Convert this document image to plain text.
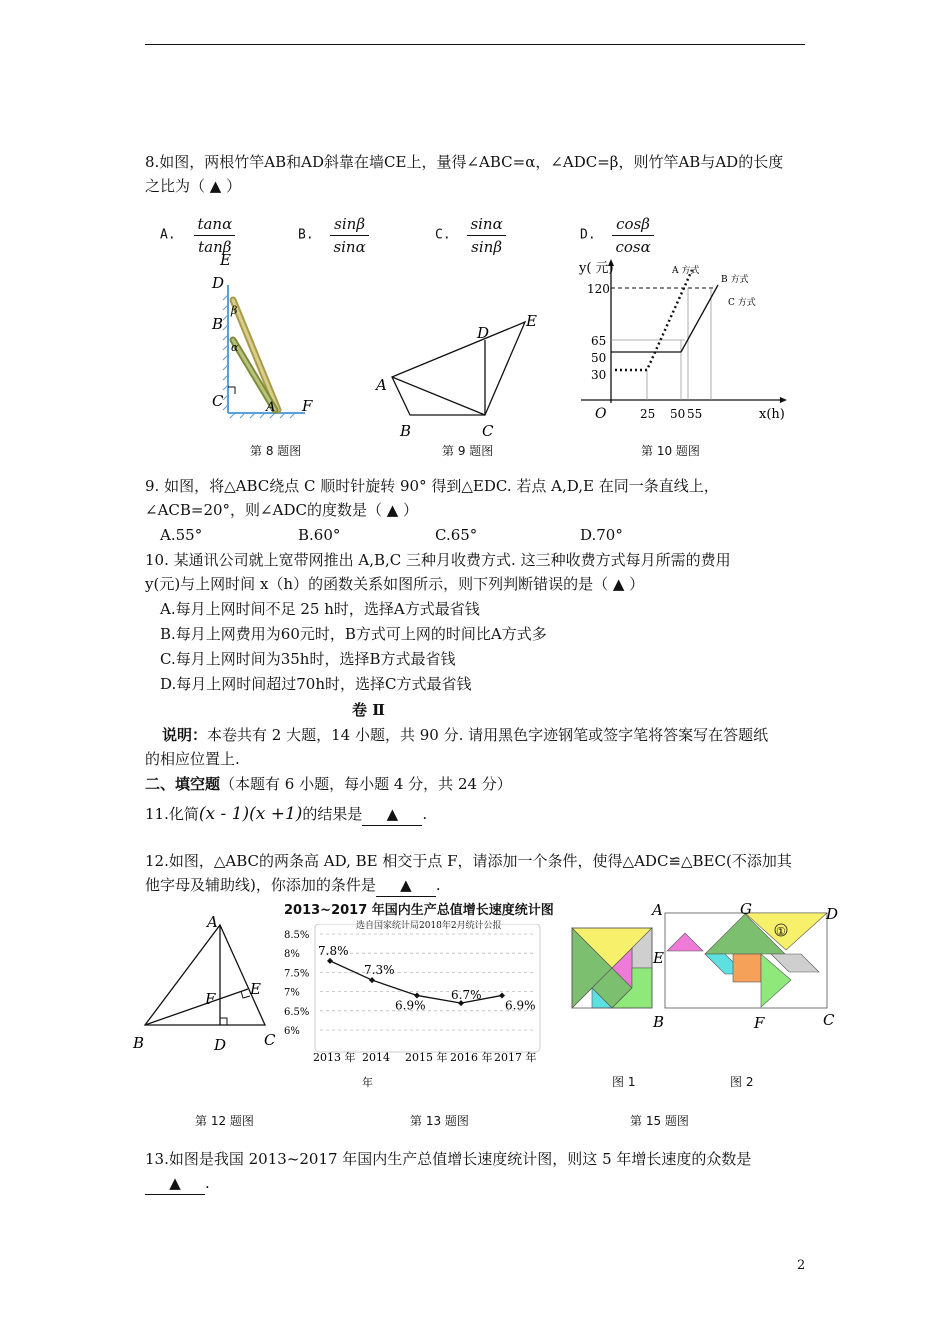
8.如图，两根竹竿AB和AD斜靠在墙CE上，量得∠ABC=α，∠ADC=β，则竹竿AB与AD的长度
之比为（ ▲ ）
A. $\frac{\tan\alpha}{\tan\beta}$	B. $\frac{\sin\beta}{\sin\alpha}$	C. $\frac{\sin\alpha}{\sin\beta}$	D. $\frac{\cos\beta}{\cos\alpha}$
E
D
B
C	A F
β
α
第 8 题图
D
E
A
B	C
第 9 题图
y( 元)
x(h)
O
120
65
50
30
25 50 55
A 方式
B 方式
C 方式
第 10 题图
9. 如图，将△ABC绕点 C 顺时针旋转 90° 得到△EDC. 若点 A,D,E 在同一条直线上，
∠ACB=20°，则∠ADC的度数是（ ▲ ）
A.55°	B.60°	C.65°	D.70°
10. 某通讯公司就上宽带网推出 A,B,C 三种月收费方式. 这三种收费方式每月所需的费用
y(元)与上网时间 x（h）的函数关系如图所示，则下列判断错误的是（ ▲ ）
A.每月上网时间不足 25 h时，选择A方式最省钱
B.每月上网费用为60元时，B方式可上网的时间比A方式多
C.每月上网时间为35h时，选择B方式最省钱
D.每月上网时间超过70h时，选择C方式最省钱
卷 Ⅱ
说明：本卷共有 2 大题，14 小题，共 90 分. 请用黑色字迹钢笔或签字笔将答案写在答题纸
的相应位置上.
二、填空题（本题有 6 小题，每小题 4 分，共 24 分）
11.化简(x - 1)(x +1)的结果是 ▲ .
12.如图，△ABC的两条高 AD, BE 相交于点 F，请添加一个条件，使得△ADC≌△BEC(不添加其
他字母及辅助线)，你添加的条件是 ▲ .
A
E
F
B	D	C
第 12 题图
2013~2017 年国内生产总值增长速度统计图
选自国家统计局2018年2月统计公报
8.5%
8%
7.5%
7%
6.5%
6%
2013 年 2014 2015 年 2016 年 2017 年
7.8%
7.3%
6.9%
6.7%
6.9%
年
第 13 题图
①
A	G	D
E
B	F	C
图 1	图 2
第 15 题图
13.如图是我国 2013~2017 年国内生产总值增长速度统计图，则这 5 年增长速度的众数是
▲ .
2
